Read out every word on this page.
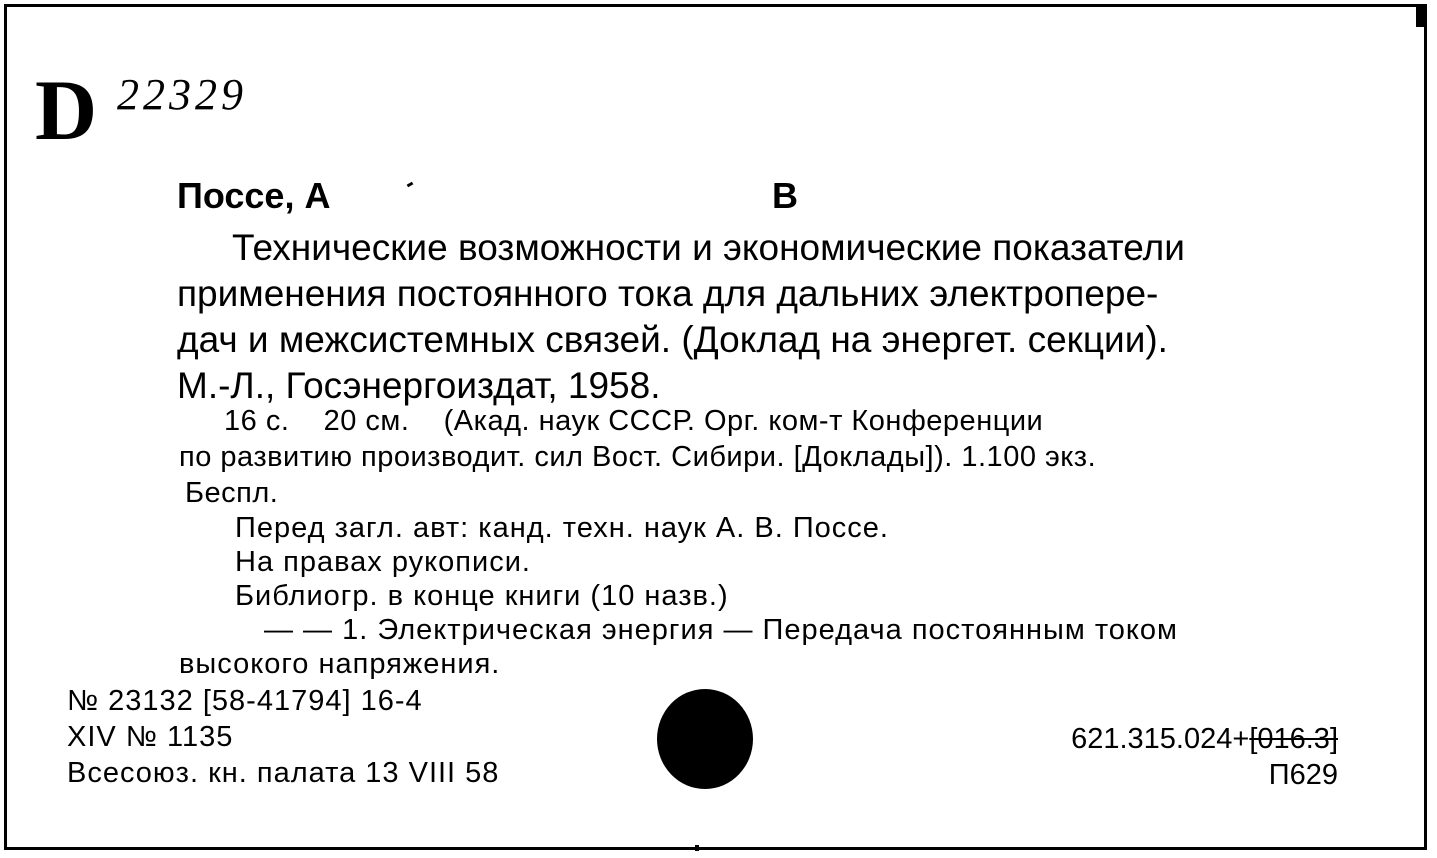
D 22329
Поссе, А	В
Технические возможности и экономические показатели
применения постоянного тока для дальних электропере-
дач и межсистемных связей. (Доклад на энергет. секции).
М.-Л., Госэнергоиздат, 1958.
16 с.    20 см.    (Акад. наук СССР. Орг. ком-т Конференции
по развитию производит. сил Вост. Сибири. [Доклады]). 1.100 экз.
Беспл.
Перед загл. авт: канд. техн. наук А. В. Поссе.
На правах рукописи.
Библиогр. в конце книги (10 назв.)
— — 1. Электрическая энергия — Передача постоянным током
высокого напряжения.
№ 23132 [58-41794] 16-4
XIV № 1135
Всесоюз. кн. палата 13 VIII 58
621.315.024+[016.3]
П629
